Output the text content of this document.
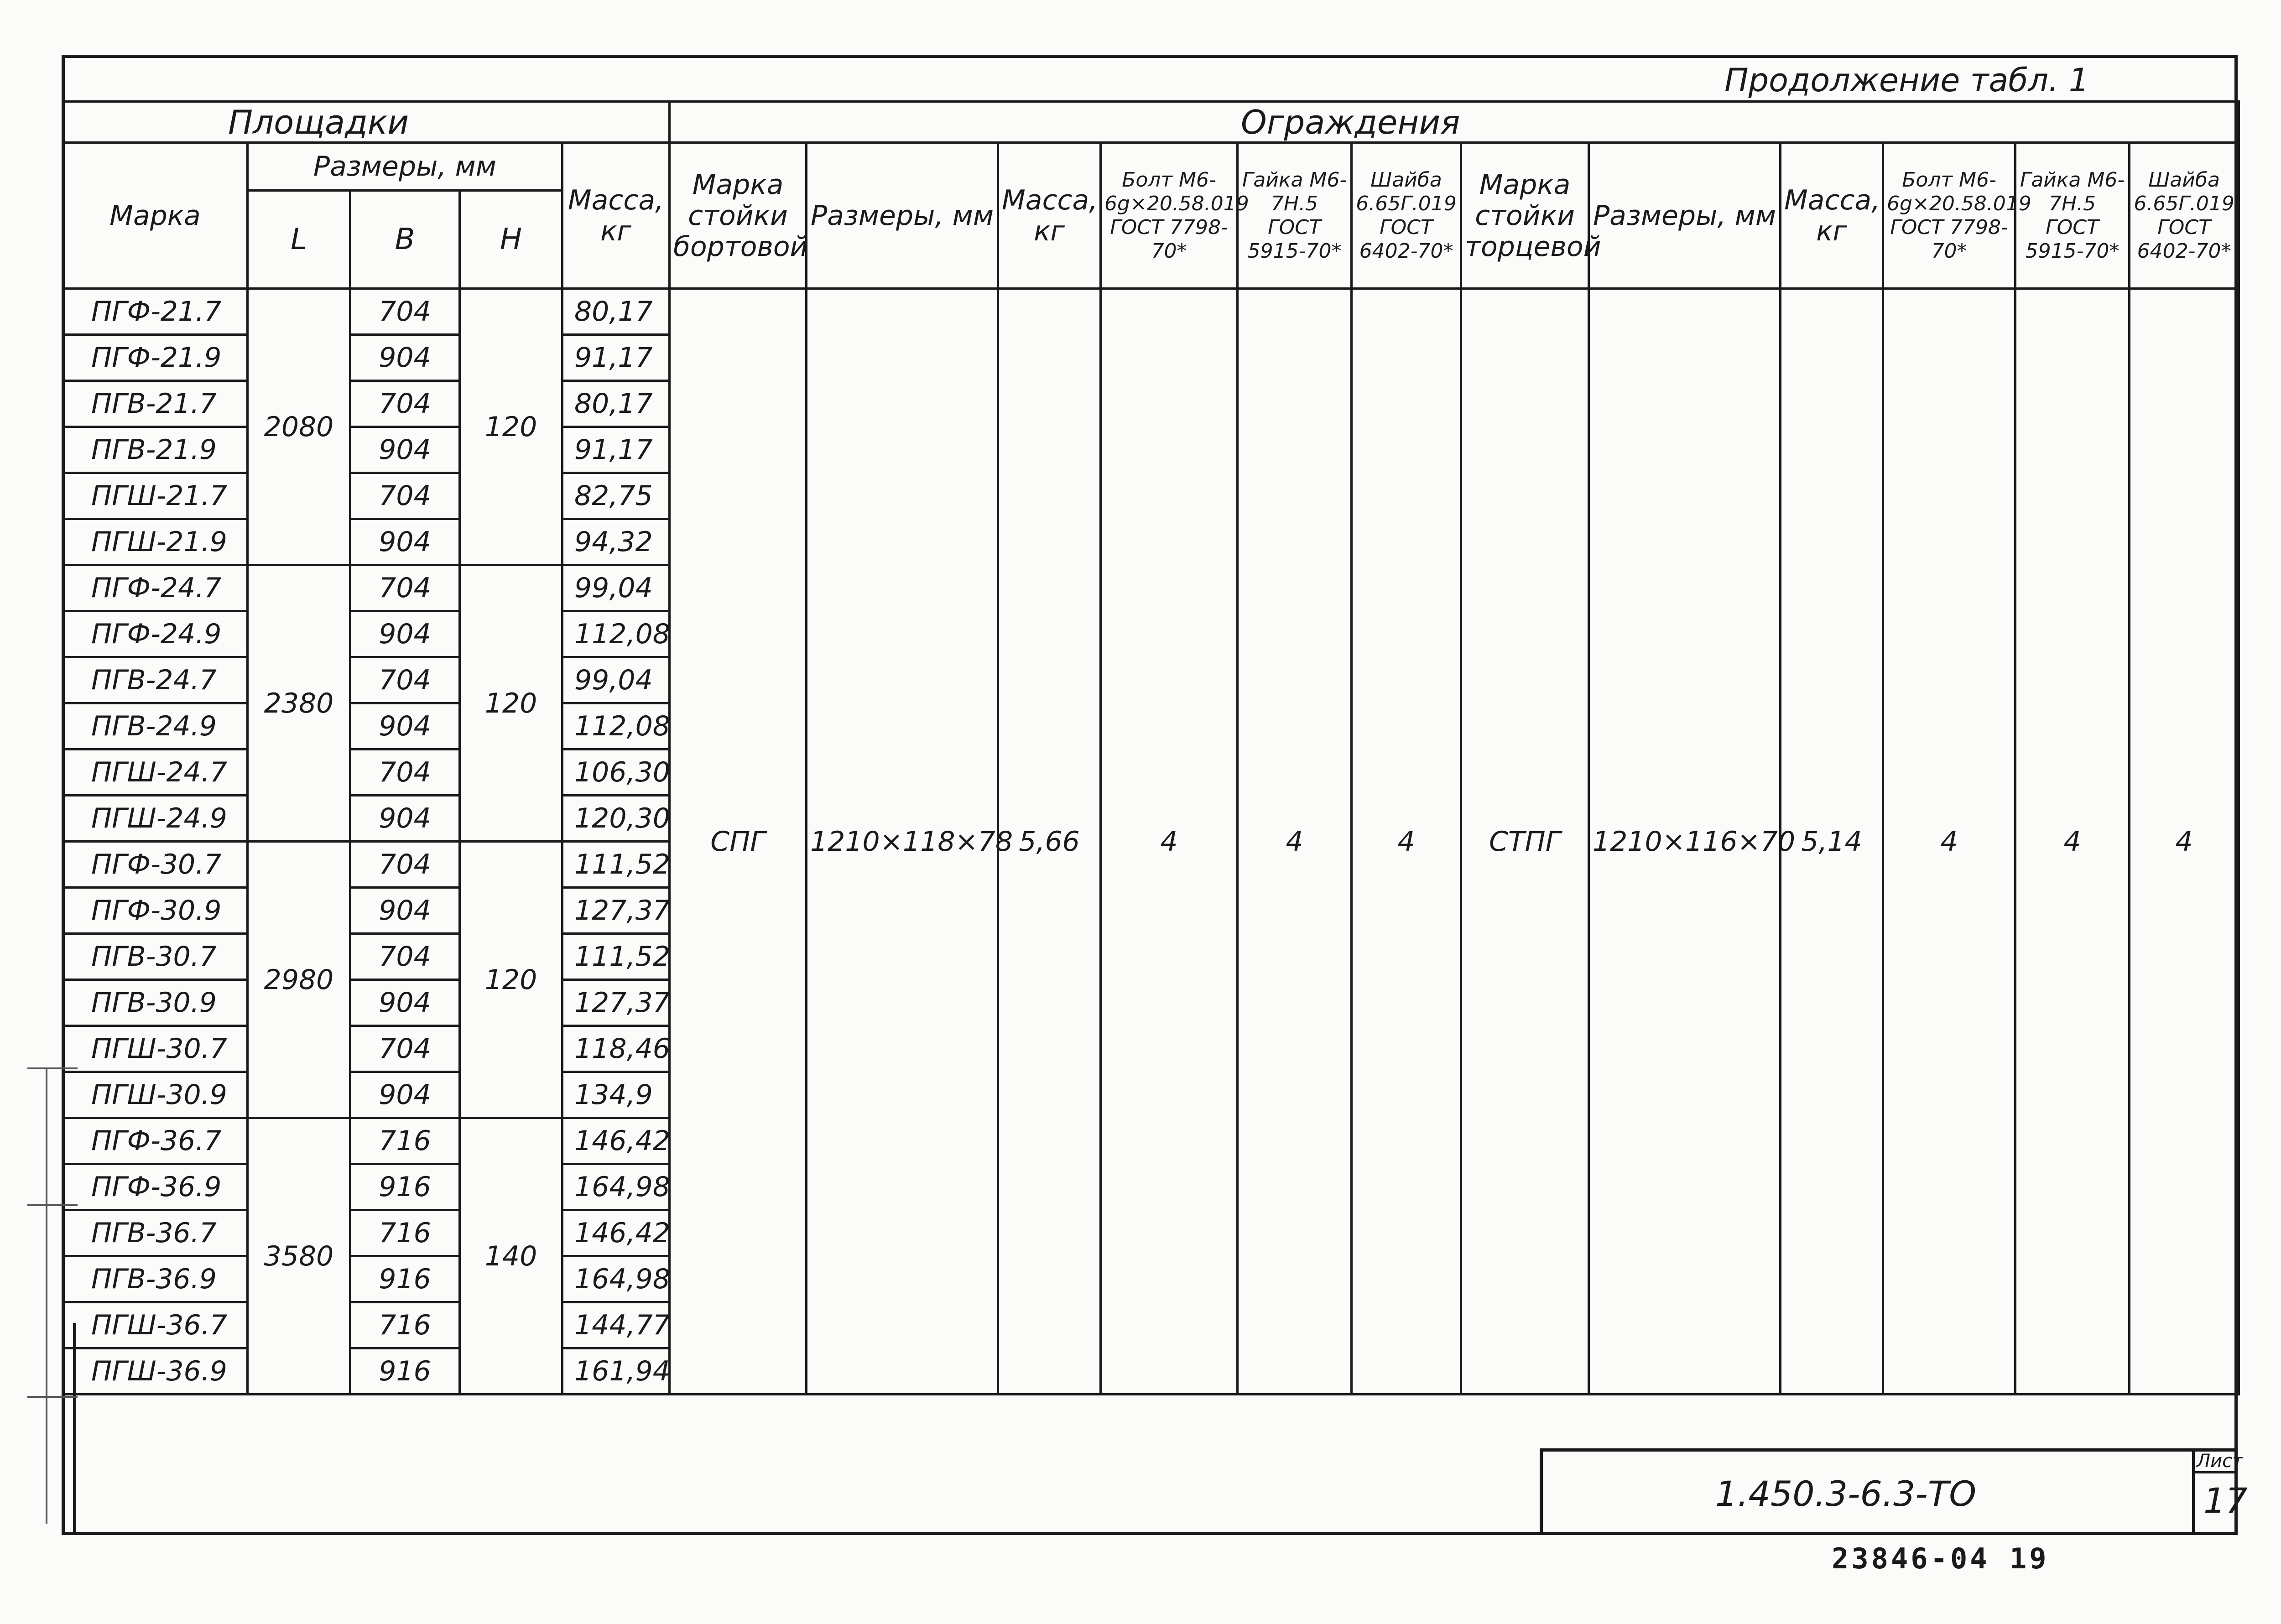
Продолжение табл. 1
Площадки					Ограждения											
Марка	Размеры, мм			Масса, кг	Марка стойки бортовой	Размеры, мм	Масса, кг	Болт М6-6g×20.58.019 ГОСТ 7798-70*	Гайка М6-7Н.5 ГОСТ 5915-70*	Шайба 6.65Г.019 ГОСТ 6402-70*	Марка стойки торцевой	Размеры, мм	Масса, кг	Болт М6-6g×20.58.019 ГОСТ 7798-70*	Гайка М6-7Н.5 ГОСТ 5915-70*	Шайба 6.65Г.019 ГОСТ 6402-70*
	L	B	H													
ПГФ-21.7	2080	704	120	80,17	СПГ	1210×118×78	5,66	4	4	4	СТПГ	1210×116×70	5,14	4	4	4
ПГФ-21.9		904		91,17												
ПГВ-21.7		704		80,17												
ПГВ-21.9		904		91,17												
ПГШ-21.7		704		82,75												
ПГШ-21.9		904		94,32												
ПГФ-24.7	2380	704	120	99,04												
ПГФ-24.9		904		112,08												
ПГВ-24.7		704		99,04												
ПГВ-24.9		904		112,08												
ПГШ-24.7		704		106,30												
ПГШ-24.9		904		120,30												
ПГФ-30.7	2980	704	120	111,52												
ПГФ-30.9		904		127,37												
ПГВ-30.7		704		111,52												
ПГВ-30.9		904		127,37												
ПГШ-30.7		704		118,46												
ПГШ-30.9		904		134,9												
ПГФ-36.7	3580	716	140	146,42												
ПГФ-36.9		916		164,98												
ПГВ-36.7		716		146,42												
ПГВ-36.9		916		164,98												
ПГШ-36.7		716		144,77												
ПГШ-36.9		916		161,94												
1.450.3-6.3-ТО
Лист
17
23846-04 19
